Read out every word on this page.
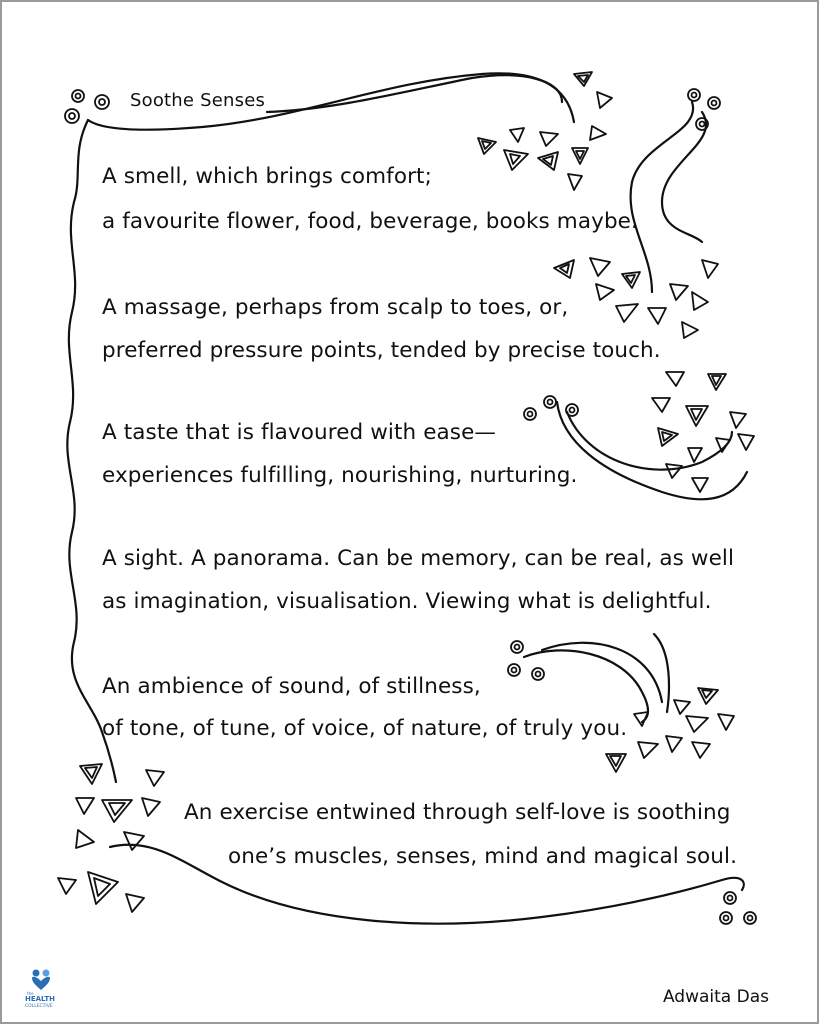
Soothe Senses
A smell, which brings comfort;
a favourite flower, food, beverage, books maybe.
A massage, perhaps from scalp to toes, or,
preferred pressure points, tended by precise touch.
A taste that is flavoured with ease—
experiences fulfilling, nourishing, nurturing.
A sight. A panorama. Can be memory, can be real, as well
as imagination, visualisation. Viewing what is delightful.
An ambience of sound, of stillness,
of tone, of tune, of voice, of nature, of truly you.
An exercise entwined through self-love is soothing
one’s muscles, senses, mind and magical soul.
the
HEALTH
COLLECTIVE	Adwaita Das
